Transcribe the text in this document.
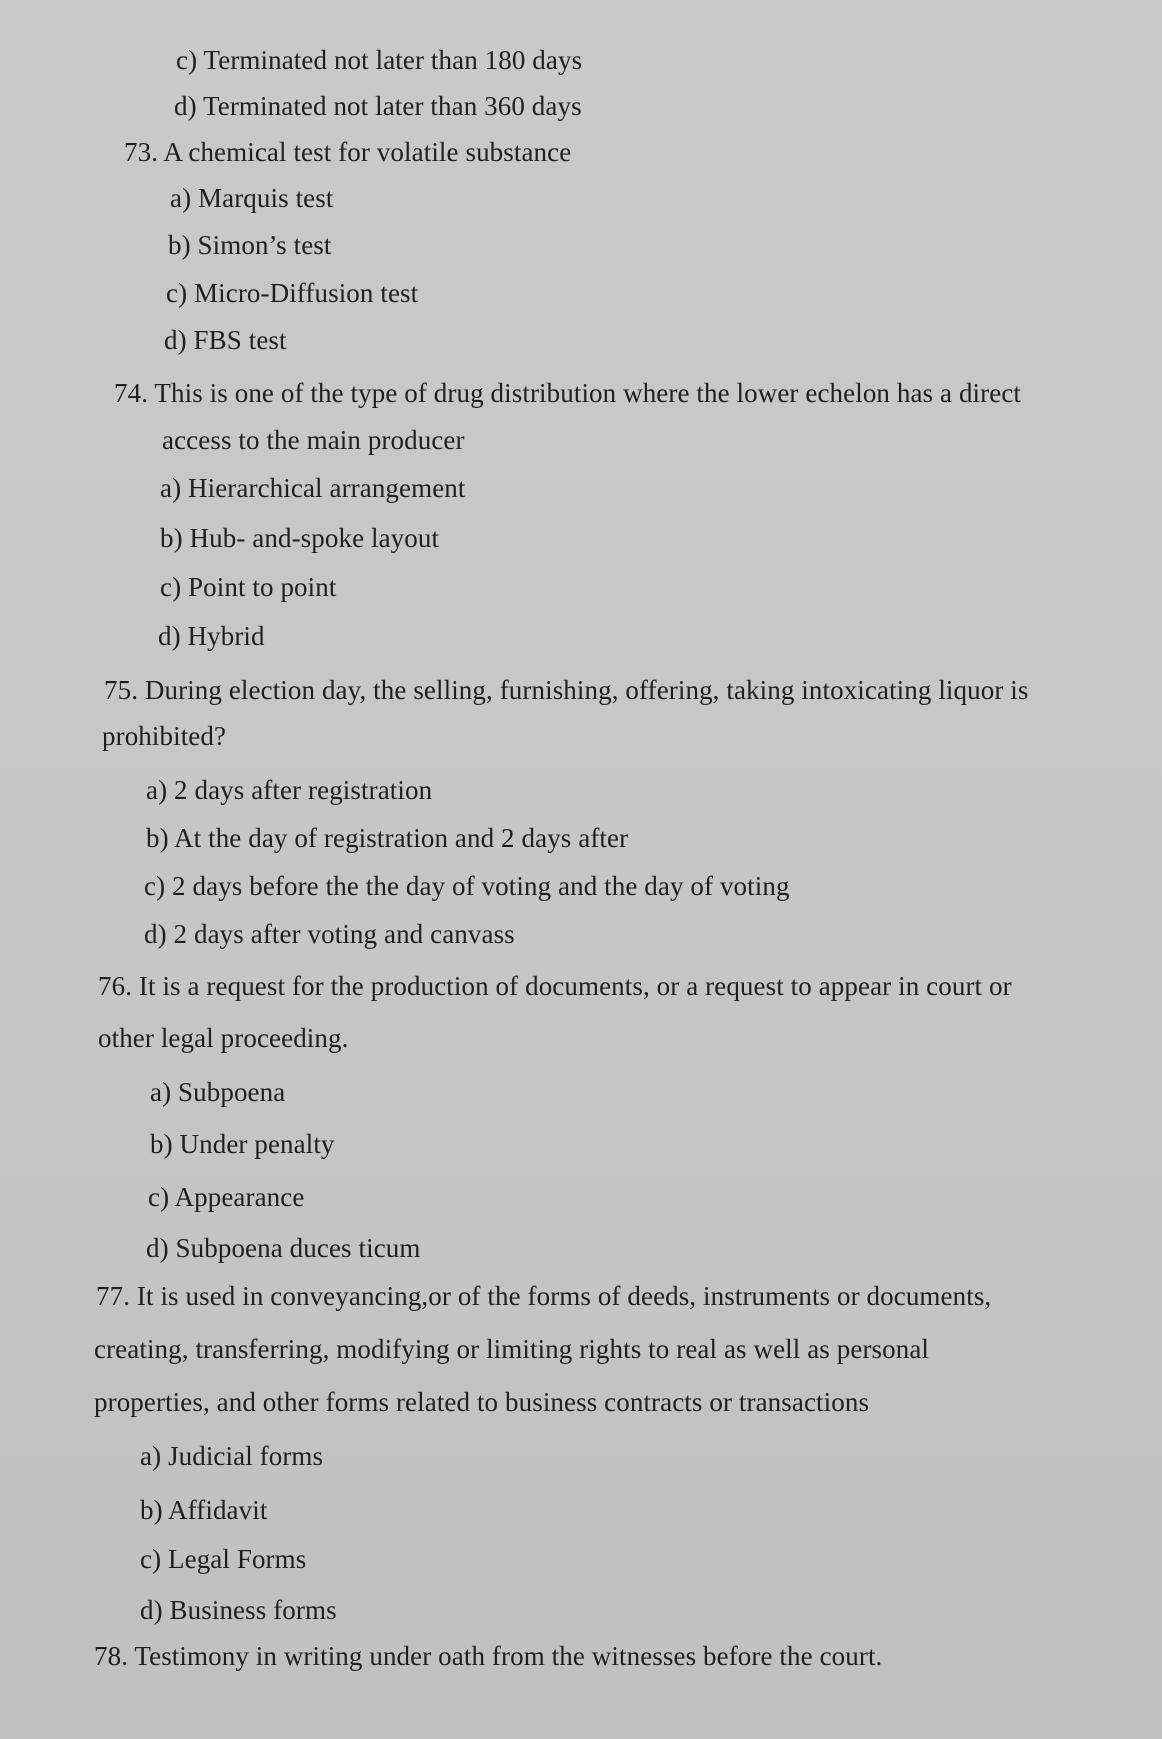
c) Terminated not later than 180 days
d) Terminated not later than 360 days
73. A chemical test for volatile substance
a) Marquis test
b) Simon’s test
c) Micro-Diffusion test
d) FBS test
74. This is one of the type of drug distribution where the lower echelon has a direct
access to the main producer
a) Hierarchical arrangement
b) Hub- and-spoke layout
c) Point to point
d) Hybrid
75. During election day, the selling, furnishing, offering, taking intoxicating liquor is
prohibited?
a) 2 days after registration
b) At the day of registration and 2 days after
c) 2 days before the the day of voting and the day of voting
d) 2 days after voting and canvass
76. It is a request for the production of documents, or a request to appear in court or
other legal proceeding.
a) Subpoena
b) Under penalty
c) Appearance
d) Subpoena duces ticum
77. It is used in conveyancing,or of the forms of deeds, instruments or documents,
creating, transferring, modifying or limiting rights to real as well as personal
properties, and other forms related to business contracts or transactions
a) Judicial forms
b) Affidavit
c) Legal Forms
d) Business forms
78. Testimony in writing under oath from the witnesses before the court.
